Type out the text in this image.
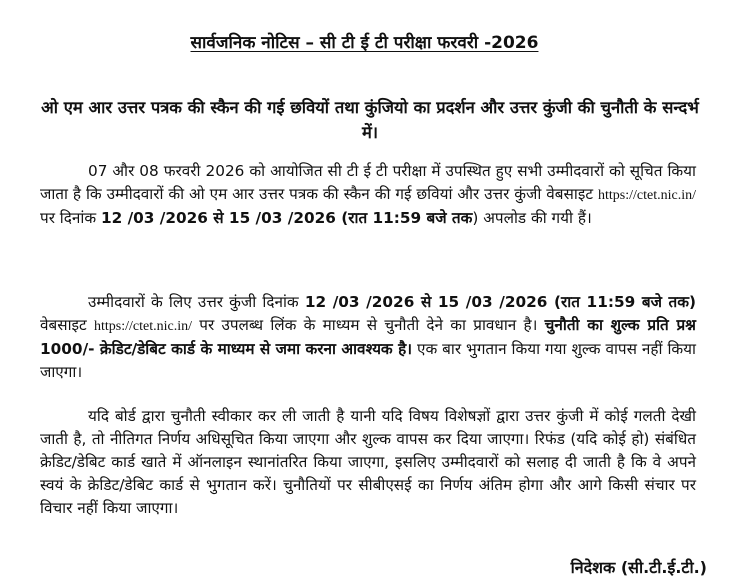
सार्वजनिक नोटिस – सी टी ई टी परीक्षा फरवरी -2026
ओ एम आर उत्तर पत्रक की स्कैन की गई छवियों तथा कुंजियो का प्रदर्शन और उत्तर कुंजी की चुनौती के सन्दर्भ में।
07 और 08 फरवरी 2026 को आयोजित सी टी ई टी परीक्षा में उपस्थित हुए सभी उम्मीदवारों को सूचित किया जाता है कि उम्मीदवारों की ओ एम आर उत्तर पत्रक की स्कैन की गई छवियां और उत्तर कुंजी वेबसाइट https://ctet.nic.in/ पर दिनांक 12 /03 /2026 से 15 /03 /2026 (रात 11:59 बजे तक) अपलोड की गयी हैं।
उम्मीदवारों के लिए उत्तर कुंजी दिनांक 12 /03 /2026 से 15 /03 /2026 (रात 11:59 बजे तक) वेबसाइट https://ctet.nic.in/ पर उपलब्ध लिंक के माध्यम से चुनौती देने का प्रावधान है। चुनौती का शुल्क प्रति प्रश्न 1000/- क्रेडिट/डेबिट कार्ड के माध्यम से जमा करना आवश्यक है। एक बार भुगतान किया गया शुल्क वापस नहीं किया जाएगा।
यदि बोर्ड द्वारा चुनौती स्वीकार कर ली जाती है यानी यदि विषय विशेषज्ञों द्वारा उत्तर कुंजी में कोई गलती देखी जाती है, तो नीतिगत निर्णय अधिसूचित किया जाएगा और शुल्क वापस कर दिया जाएगा। रिफंड (यदि कोई हो) संबंधित क्रेडिट/डेबिट कार्ड खाते में ऑनलाइन स्थानांतरित किया जाएगा, इसलिए उम्मीदवारों को सलाह दी जाती है कि वे अपने स्वयं के क्रेडिट/डेबिट कार्ड से भुगतान करें। चुनौतियों पर सीबीएसई का निर्णय अंतिम होगा और आगे किसी संचार पर विचार नहीं किया जाएगा।
निदेशक (सी.टी.ई.टी.)
